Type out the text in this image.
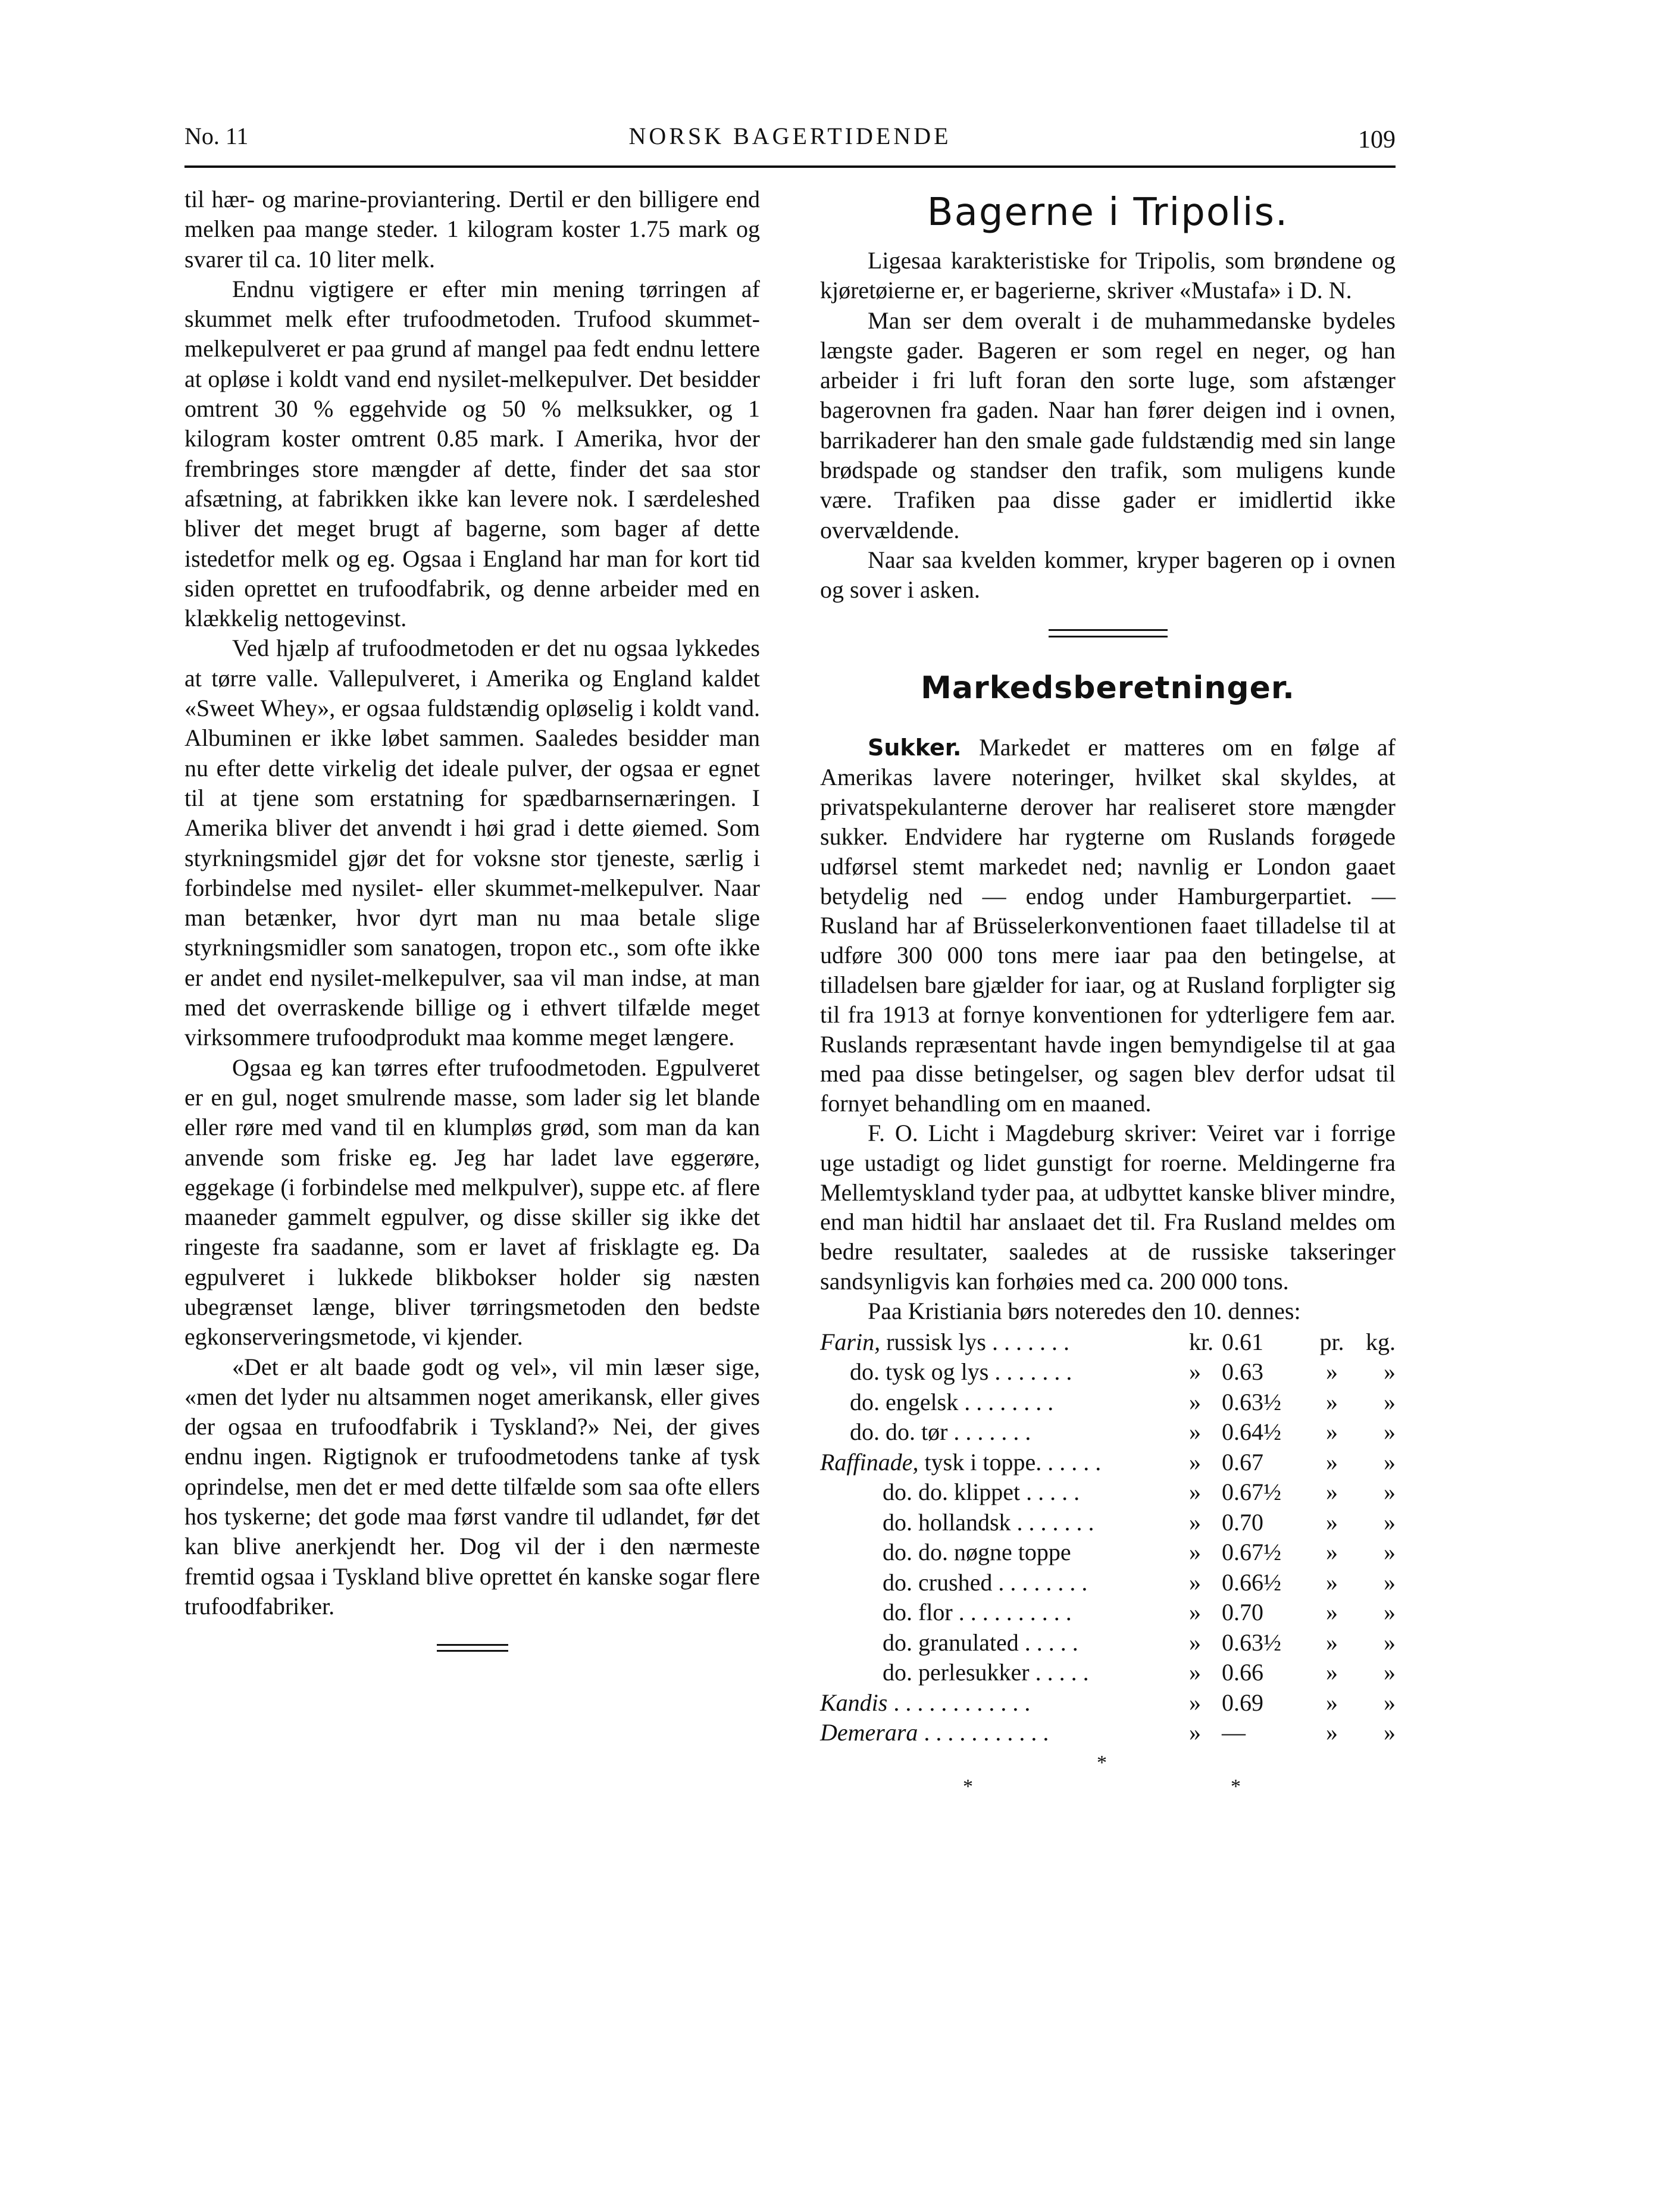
No. 11	NORSK BAGERTIDENDE	109

til hær- og marine-proviantering. Dertil er den billigere end melken paa mange steder. 1 kilogram koster 1.75 mark og svarer til ca. 10 liter melk.

Endnu vigtigere er efter min mening tørringen af skummet melk efter trufoodmetoden. Trufood skummet-melkepulveret er paa grund af mangel paa fedt endnu lettere at opløse i koldt vand end nysilet-melkepulver. Det besidder omtrent 30 % eggehvide og 50 % melksukker, og 1 kilogram koster omtrent 0.85 mark. I Amerika, hvor der frembringes store mængder af dette, finder det saa stor afsætning, at fabrikken ikke kan levere nok. I særdeleshed bliver det meget brugt af bagerne, som bager af dette istedetfor melk og eg. Ogsaa i England har man for kort tid siden oprettet en trufoodfabrik, og denne arbeider med en klækkelig nettogevinst.

Ved hjælp af trufoodmetoden er det nu ogsaa lykkedes at tørre valle. Vallepulveret, i Amerika og England kaldet «Sweet Whey», er ogsaa fuldstændig opløselig i koldt vand. Albuminen er ikke løbet sammen. Saaledes besidder man nu efter dette virkelig det ideale pulver, der ogsaa er egnet til at tjene som erstatning for spædbarnsernæringen. I Amerika bliver det anvendt i høi grad i dette øiemed. Som styrkningsmidel gjør det for voksne stor tjeneste, særlig i forbindelse med nysilet- eller skummet-melkepulver. Naar man betænker, hvor dyrt man nu maa betale slige styrkningsmidler som sanatogen, tropon etc., som ofte ikke er andet end nysilet-melkepulver, saa vil man indse, at man med det overraskende billige og i ethvert tilfælde meget virksommere trufoodprodukt maa komme meget længere.

Ogsaa eg kan tørres efter trufoodmetoden. Egpulveret er en gul, noget smulrende masse, som lader sig let blande eller røre med vand til en klumpløs grød, som man da kan anvende som friske eg. Jeg har ladet lave eggerøre, eggekage (i forbindelse med melkpulver), suppe etc. af flere maaneder gammelt egpulver, og disse skiller sig ikke det ringeste fra saadanne, som er lavet af frisklagte eg. Da egpulveret i lukkede blikbokser holder sig næsten ubegrænset længe, bliver tørringsmetoden den bedste egkonserveringsmetode, vi kjender.

«Det er alt baade godt og vel», vil min læser sige, «men det lyder nu altsammen noget amerikansk, eller gives der ogsaa en trufoodfabrik i Tyskland?» Nei, der gives endnu ingen. Rigtignok er trufoodmetodens tanke af tysk oprindelse, men det er med dette tilfælde som saa ofte ellers hos tyskerne; det gode maa først vandre til udlandet, før det kan blive anerkjendt her. Dog vil der i den nærmeste fremtid ogsaa i Tyskland blive oprettet én kanske sogar flere trufoodfabriker.

Bagerne i Tripolis.

Ligesaa karakteristiske for Tripolis, som brøndene og kjøretøierne er, er bagerierne, skriver «Mustafa» i D. N.

Man ser dem overalt i de muhammedanske bydeles længste gader. Bageren er som regel en neger, og han arbeider i fri luft foran den sorte luge, som afstænger bagerovnen fra gaden. Naar han fører deigen ind i ovnen, barrikaderer han den smale gade fuldstændig med sin lange brødspade og standser den trafik, som muligens kunde være. Trafiken paa disse gader er imidlertid ikke overvældende.

Naar saa kvelden kommer, kryper bageren op i ovnen og sover i asken.

Markedsberetninger.

Sukker. Markedet er matteres om en følge af Amerikas lavere noteringer, hvilket skal skyldes, at privatspekulanterne derover har realiseret store mængder sukker. Endvidere har rygterne om Ruslands forøgede udførsel stemt markedet ned; navnlig er London gaaet betydelig ned — endog under Hamburgerpartiet. — Rusland har af Brüsselerkonventionen faaet tilladelse til at udføre 300 000 tons mere iaar paa den betingelse, at tilladelsen bare gjælder for iaar, og at Rusland forpligter sig til fra 1913 at fornye konventionen for ydterligere fem aar. Ruslands repræsentant havde ingen bemyndigelse til at gaa med paa disse betingelser, og sagen blev derfor udsat til fornyet behandling om en maaned.

F. O. Licht i Magdeburg skriver: Veiret var i forrige uge ustadigt og lidet gunstigt for roerne. Meldingerne fra Mellemtyskland tyder paa, at udbyttet kanske bliver mindre, end man hidtil har anslaaet det til. Fra Rusland meldes om bedre resultater, saaledes at de russiske takseringer sandsynligvis kan forhøies med ca. 200 000 tons.

Paa Kristiania børs noteredes den 10. dennes:

Farin, russisk lys . . . . . . .	kr.	0.61	pr.	kg.
do. tysk og lys . . . . . . .	»	0.63	»	»
do. engelsk . . . . . . . .	»	0.63½	»	»
do. do. tør . . . . . . .	»	0.64½	»	»
Raffinade, tysk i toppe. . . . . .	»	0.67	»	»
do. do. klippet . . . . .	»	0.67½	»	»
do. hollandsk . . . . . . .	»	0.70	»	»
do. do. nøgne toppe	»	0.67½	»	»
do. crushed . . . . . . . .	»	0.66½	»	»
do. flor . . . . . . . . . .	»	0.70	»	»
do. granulated . . . . .	»	0.63½	»	»
do. perlesukker . . . . .	»	0.66	»	»
Kandis . . . . . . . . . . . .	»	0.69	»	»
Demerara . . . . . . . . . . .	»	—	»	»
*
*	*
